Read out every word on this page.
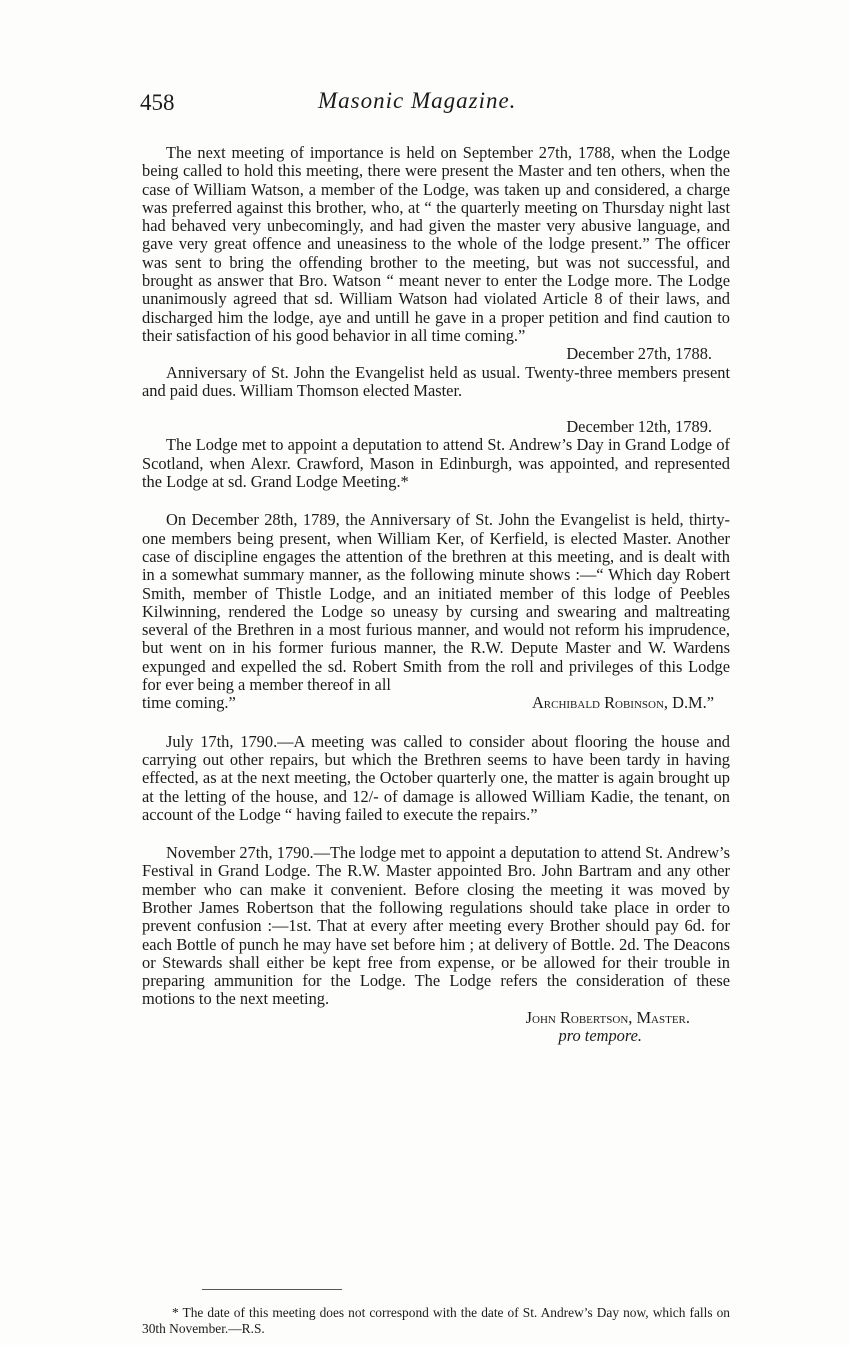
458	Masonic Magazine.

The next meeting of importance is held on September 27th, 1788, when the Lodge being called to hold this meeting, there were present the Master and ten others, when the case of William Watson, a member of the Lodge, was taken up and considered, a charge was preferred against this brother, who, at “ the quarterly meeting on Thursday night last had behaved very unbecomingly, and had given the master very abusive language, and gave very great offence and uneasiness to the whole of the lodge present.” The officer was sent to bring the offending brother to the meeting, but was not successful, and brought as answer that Bro. Watson “ meant never to enter the Lodge more. The Lodge unanimously agreed that sd. William Watson had violated Article 8 of their laws, and discharged him the lodge, aye and untill he gave in a proper petition and find caution to their satisfaction of his good behavior in all time coming.”

December 27th, 1788.

Anniversary of St. John the Evangelist held as usual. Twenty-three members present and paid dues. William Thomson elected Master.

December 12th, 1789.

The Lodge met to appoint a deputation to attend St. Andrew’s Day in Grand Lodge of Scotland, when Alexr. Crawford, Mason in Edinburgh, was appointed, and represented the Lodge at sd. Grand Lodge Meeting.*

On December 28th, 1789, the Anniversary of St. John the Evangelist is held, thirty-one members being present, when William Ker, of Kerfield, is elected Master. Another case of discipline engages the attention of the brethren at this meeting, and is dealt with in a somewhat summary manner, as the following minute shows :—“ Which day Robert Smith, member of Thistle Lodge, and an initiated member of this lodge of Peebles Kilwinning, rendered the Lodge so uneasy by cursing and swearing and maltreating several of the Brethren in a most furious manner, and would not reform his imprudence, but went on in his former furious manner, the R.W. Depute Master and W. Wardens expunged and expelled the sd. Robert Smith from the roll and privileges of this Lodge for ever being a member thereof in all

time coming.”	Archibald Robinson, D.M.”

July 17th, 1790.—A meeting was called to consider about flooring the house and carrying out other repairs, but which the Brethren seems to have been tardy in having effected, as at the next meeting, the October quarterly one, the matter is again brought up at the letting of the house, and 12/- of damage is allowed William Kadie, the tenant, on account of the Lodge “ having failed to execute the repairs.”

November 27th, 1790.—The lodge met to appoint a deputation to attend St. Andrew’s Festival in Grand Lodge. The R.W. Master appointed Bro. John Bartram and any other member who can make it convenient. Before closing the meeting it was moved by Brother James Robertson that the following regulations should take place in order to prevent confusion :—1st. That at every after meeting every Brother should pay 6d. for each Bottle of punch he may have set before him ; at delivery of Bottle. 2d. The Deacons or Stewards shall either be kept free from expense, or be allowed for their trouble in preparing ammunition for the Lodge. The Lodge refers the consideration of these motions to the next meeting.

John Robertson, Master.

pro tempore.

* The date of this meeting does not correspond with the date of St. Andrew’s Day now, which falls on 30th November.—R.S.
